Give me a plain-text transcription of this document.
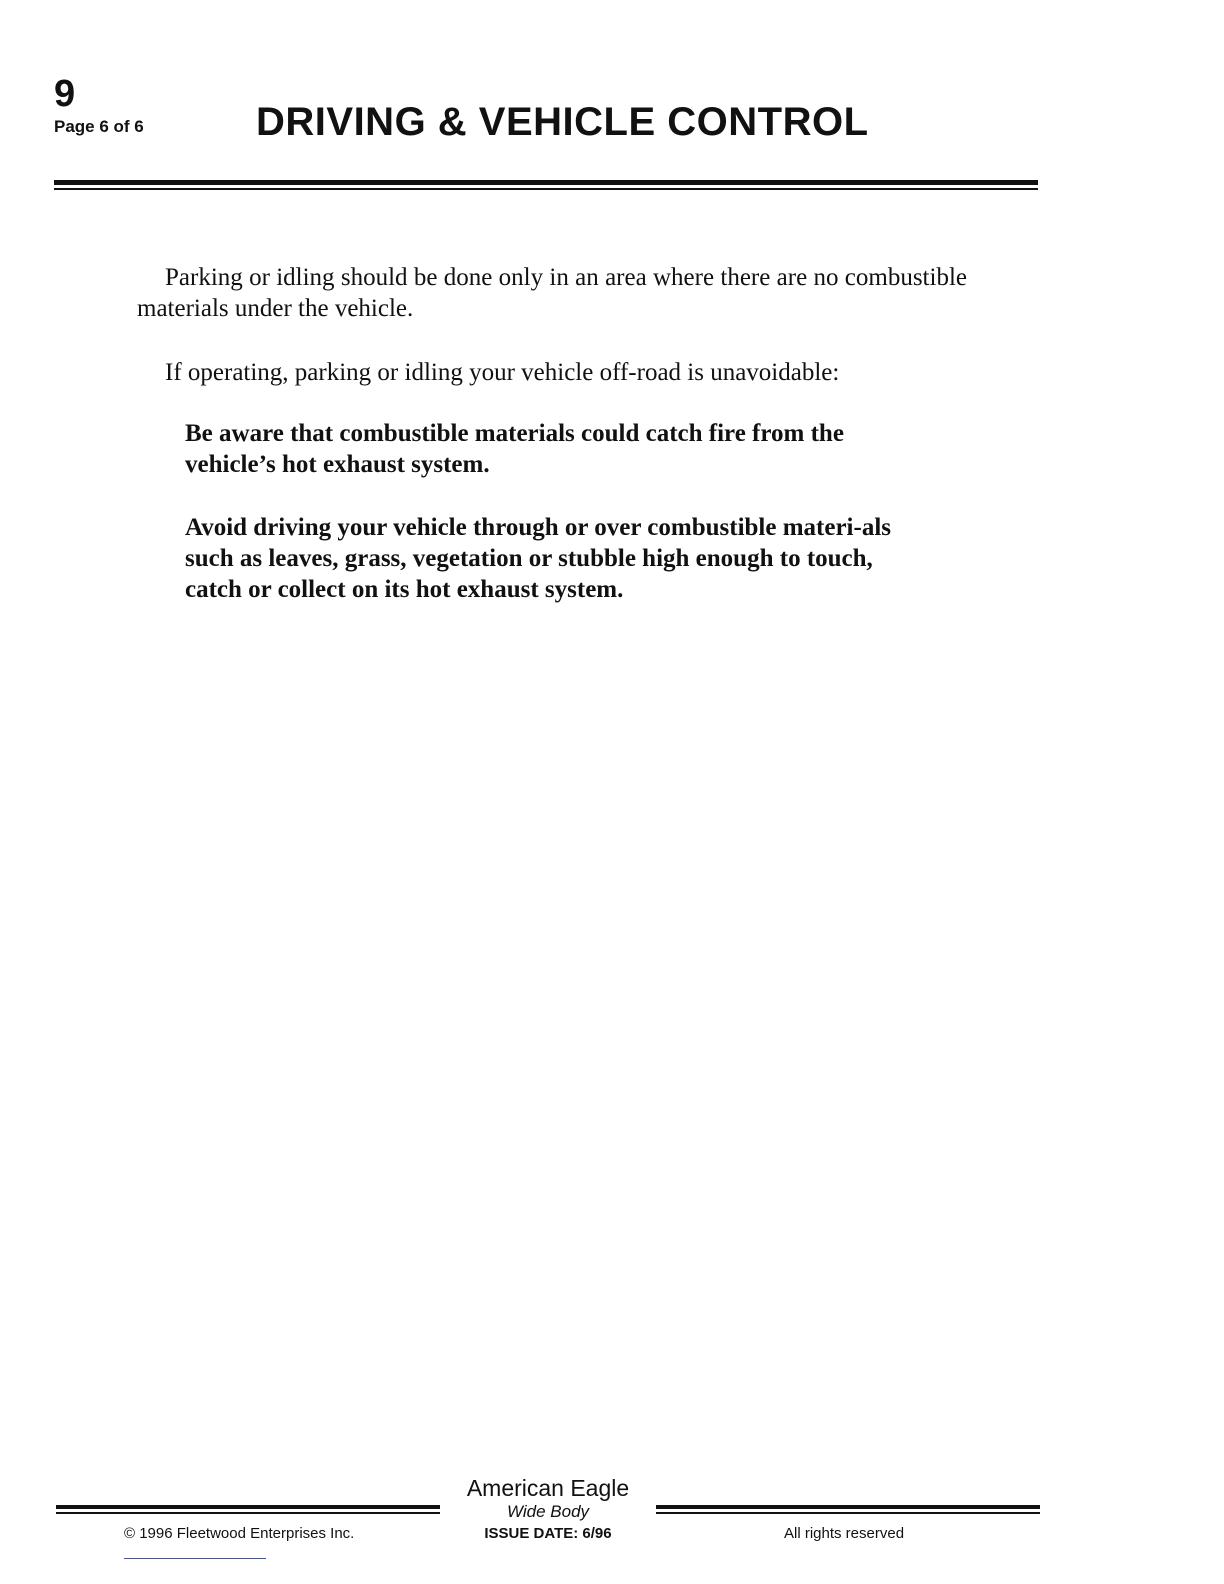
9
Page 6 of 6	DRIVING & VEHICLE CONTROL

Parking or idling should be done only in an area where there are no combustible materials under the vehicle.

If operating, parking or idling your vehicle off-road is unavoidable:

Be aware that combustible materials could catch fire from the vehicle’s hot exhaust system.

Avoid driving your vehicle through or over combustible materi-als such as leaves, grass, vegetation or stubble high enough to touch, catch or collect on its hot exhaust system.

American Eagle
Wide Body
© 1996 Fleetwood Enterprises Inc.	ISSUE DATE: 6/96	All rights reserved
